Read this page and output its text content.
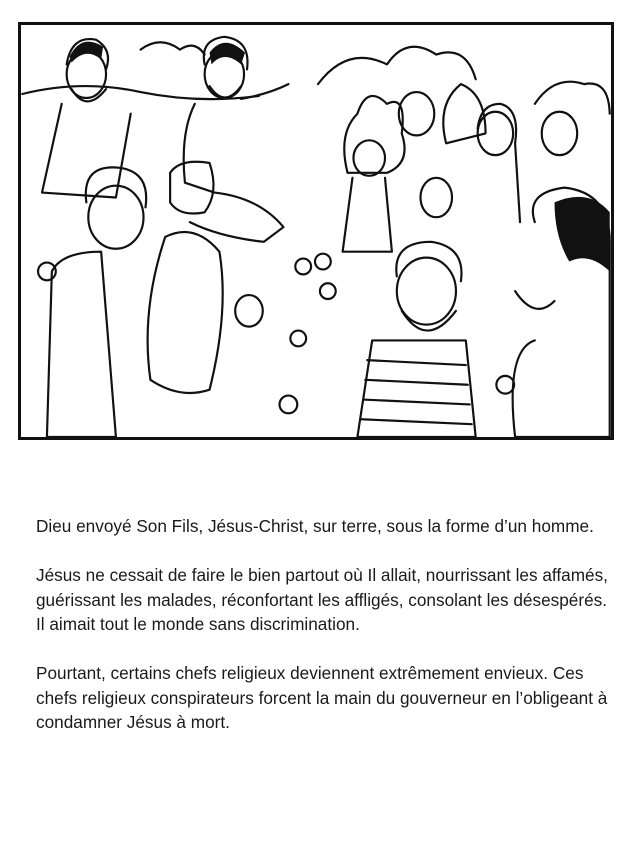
Dieu envoyé Son Fils, Jésus-Christ, sur terre, sous la forme d’un homme.

Jésus ne cessait de faire le bien partout où Il allait, nourrissant les affamés, guérissant les malades, réconfortant les affligés, consolant les désespérés. Il aimait tout le monde sans discrimination.

Pourtant, certains chefs religieux deviennent extrêmement envieux. Ces chefs religieux conspirateurs forcent la main du gouverneur en l’obligeant à condamner Jésus à mort.
